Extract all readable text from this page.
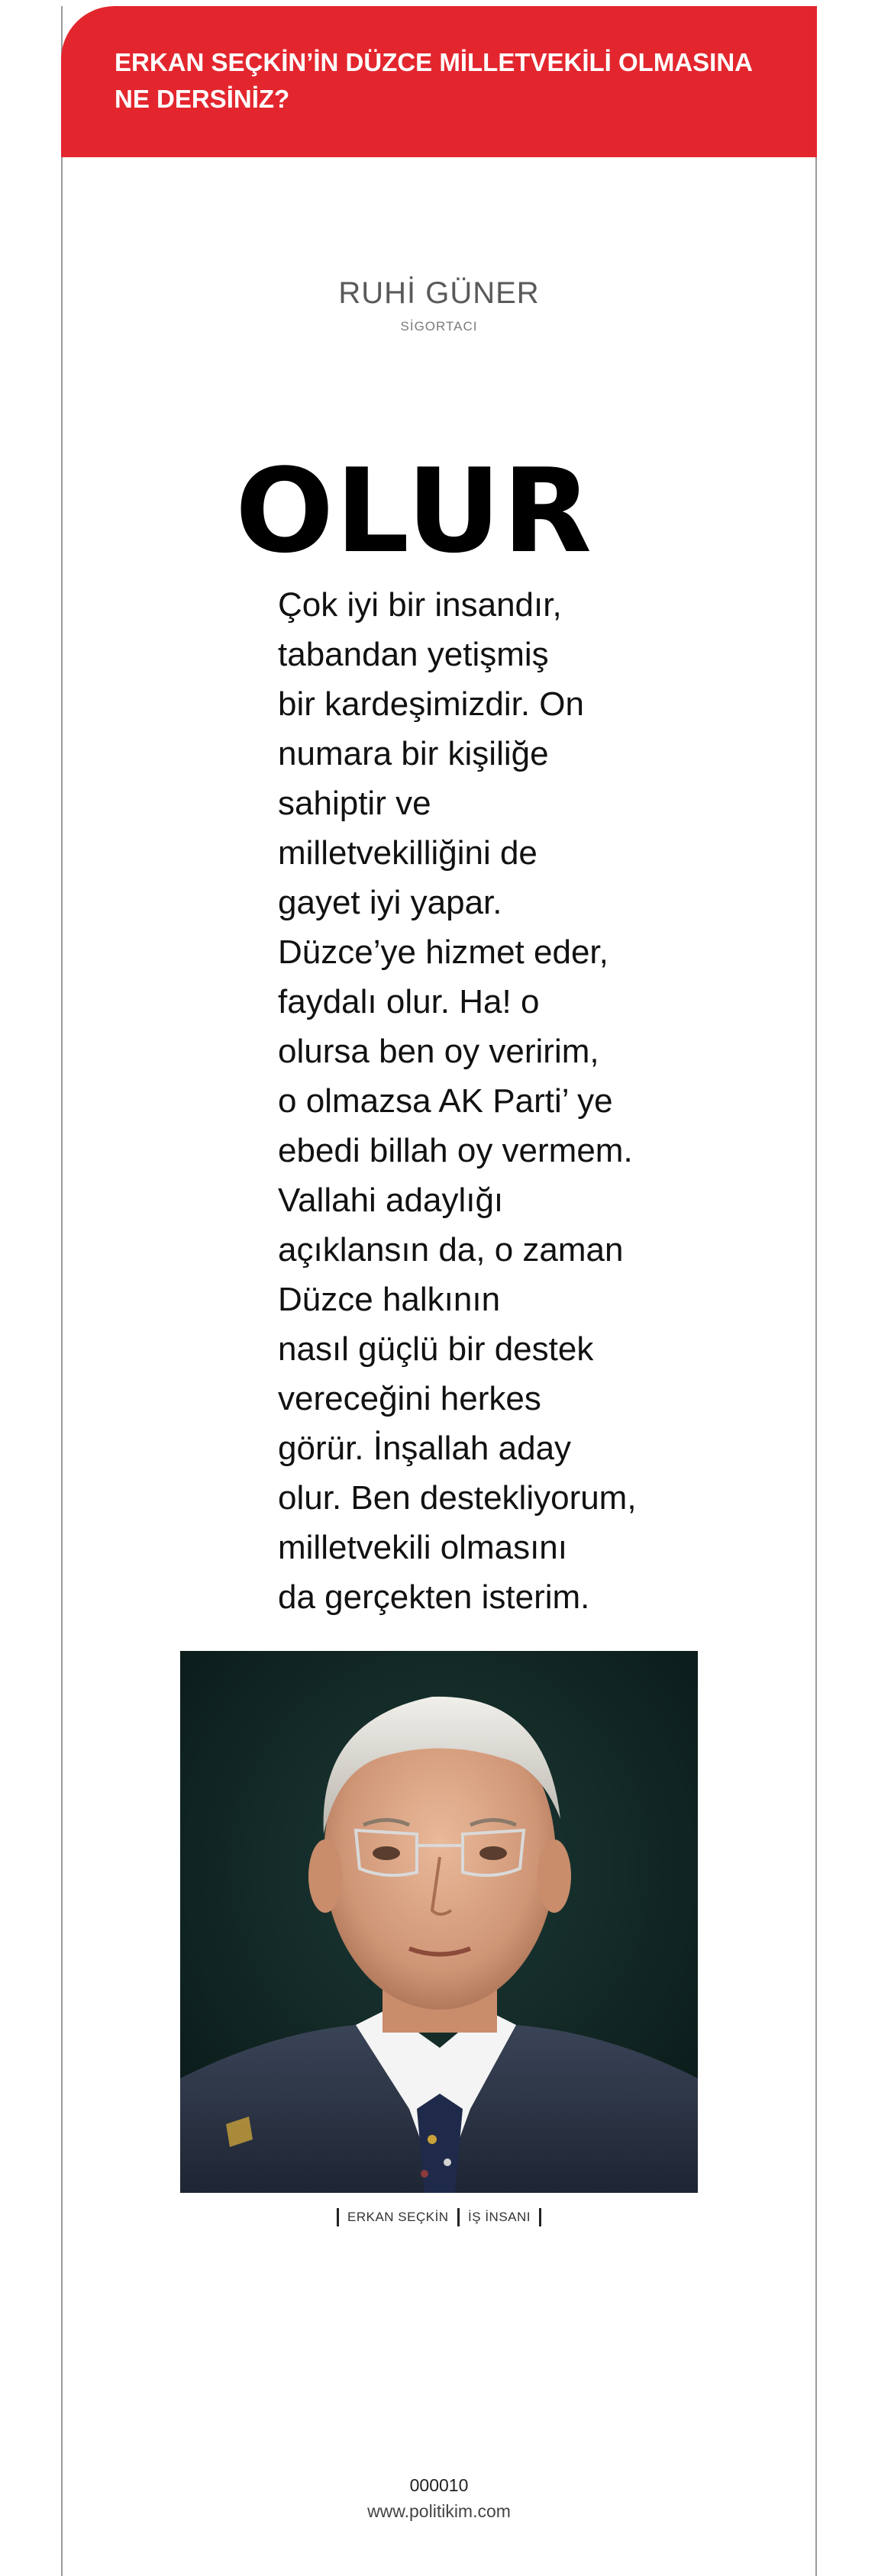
ERKAN SEÇKİN’İN DÜZCE MİLLETVEKİLİ OLMASINA
NE DERSİNİZ?
RUHİ GÜNER
SİGORTACI
OLUR

Çok iyi bir insandır,
tabandan yetişmiş
bir kardeşimizdir. On
numara bir kişiliğe
sahiptir ve
milletvekilliğini de
gayet iyi yapar.
Düzce’ye hizmet eder,
faydalı olur. Ha! o
olursa ben oy veririm,
o olmazsa AK Parti’ ye
ebedi billah oy vermem.
Vallahi adaylığı
açıklansın da, o zaman
Düzce halkının
nasıl güçlü bir destek
vereceğini herkes
görür. İnşallah aday
olur. Ben destekliyorum,
milletvekili olmasını
da gerçekten isterim.

ERKAN SEÇKİN İŞ İNSANI
000010
www.politikim.com
